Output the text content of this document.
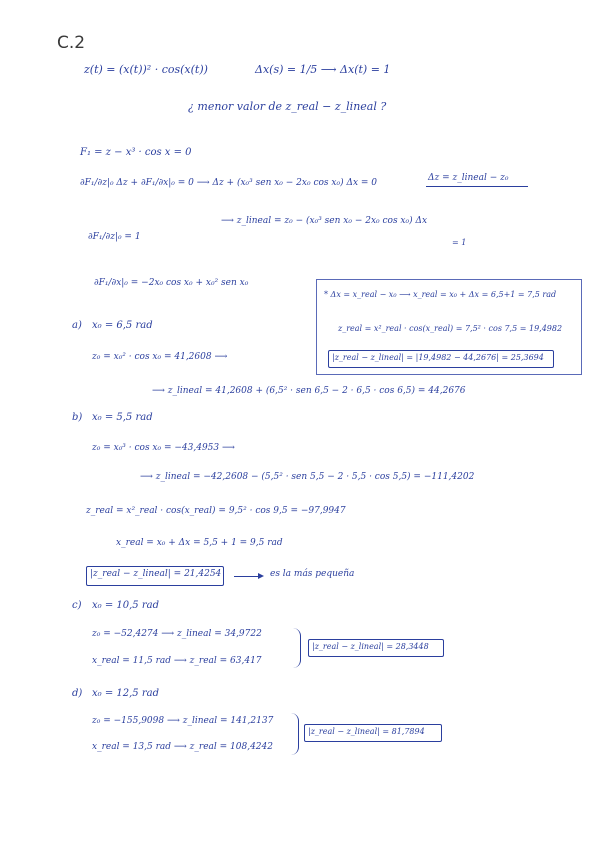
C.2
z(t) = (x(t))² · cos(x(t))	Δx(s) = 1/5 ⟶ Δx(t) = 1
¿ menor valor de z_real − z_lineal ?
F₁ = z − x³ · cos x = 0
∂F₁/∂z|₀ Δz + ∂F₁/∂x|₀ = 0 ⟶ Δz + (x₀³ sen x₀ − 2x₀ cos x₀) Δx = 0	Δz = z_lineal − z₀
⟶ z_lineal = z₀ − (x₀³ sen x₀ − 2x₀ cos x₀) Δx
= 1
∂F₁/∂z|₀ = 1
∂F₁/∂x|₀ = −2x₀ cos x₀ + x₀² sen x₀
* Δx = x_real − x₀ ⟶ x_real = x₀ + Δx = 6,5+1 = 7,5 rad
z_real = x²_real · cos(x_real) = 7,5² · cos 7,5 = 19,4982
|z_real − z_lineal| = |19,4982 − 44,2676| = 25,3694
a) x₀ = 6,5 rad
z₀ = x₀² · cos x₀ = 41,2608 ⟶
⟶ z_lineal = 41,2608 + (6,5² · sen 6,5 − 2 · 6,5 · cos 6,5) = 44,2676
b) x₀ = 5,5 rad
z₀ = x₀³ · cos x₀ = −43,4953 ⟶
⟶ z_lineal = −42,2608 − (5,5² · sen 5,5 − 2 · 5,5 · cos 5,5) = −111,4202
z_real = x²_real · cos(x_real) = 9,5² · cos 9,5 = −97,9947
x_real = x₀ + Δx = 5,5 + 1 = 9,5 rad
|z_real − z_lineal| = 21,4254	es la más pequeña
c) x₀ = 10,5 rad
z₀ = −52,4274 ⟶ z_lineal = 34,9722
x_real = 11,5 rad ⟶ z_real = 63,417
|z_real − z_lineal| = 28,3448
d) x₀ = 12,5 rad
z₀ = −155,9098 ⟶ z_lineal = 141,2137
x_real = 13,5 rad ⟶ z_real = 108,4242
|z_real − z_lineal| = 81,7894
